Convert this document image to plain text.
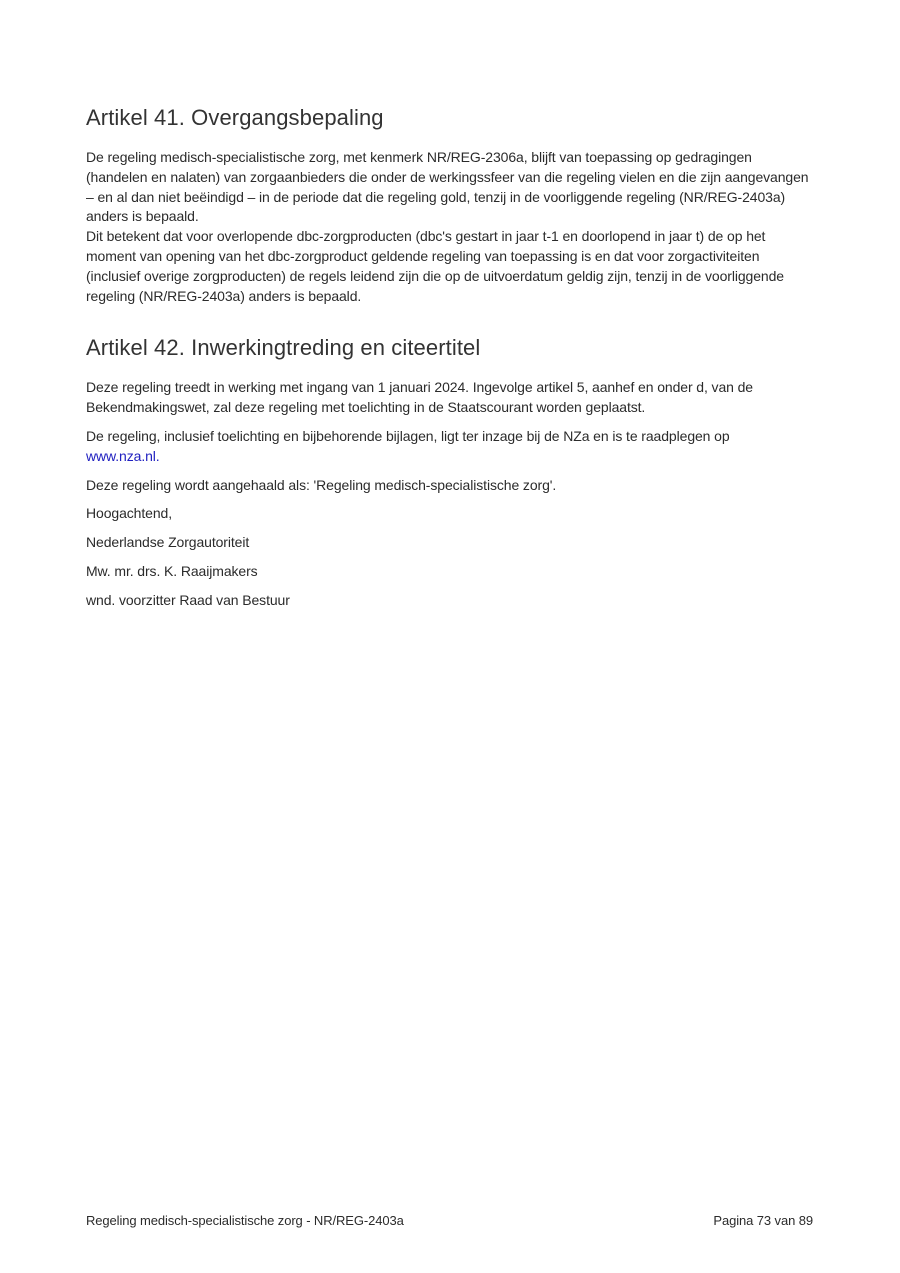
Artikel 41. Overgangsbepaling

De regeling medisch-specialistische zorg, met kenmerk NR/REG-2306a, blijft van toepassing op gedragingen (handelen en nalaten) van zorgaanbieders die onder de werkingssfeer van die regeling vielen en die zijn aangevangen – en al dan niet beëindigd – in de periode dat die regeling gold, tenzij in de voorliggende regeling (NR/REG-2403a) anders is bepaald.

Dit betekent dat voor overlopende dbc-zorgproducten (dbc's gestart in jaar t-1 en doorlopend in jaar t) de op het moment van opening van het dbc-zorgproduct geldende regeling van toepassing is en dat voor zorgactiviteiten (inclusief overige zorgproducten) de regels leidend zijn die op de uitvoerdatum geldig zijn, tenzij in de voorliggende regeling (NR/REG-2403a) anders is bepaald.

Artikel 42. Inwerkingtreding en citeertitel

Deze regeling treedt in werking met ingang van 1 januari 2024. Ingevolge artikel 5, aanhef en onder d, van de Bekendmakingswet, zal deze regeling met toelichting in de Staatscourant worden geplaatst.

De regeling, inclusief toelichting en bijbehorende bijlagen, ligt ter inzage bij de NZa en is te raadplegen op
www.nza.nl.

Deze regeling wordt aangehaald als: 'Regeling medisch-specialistische zorg'.

Hoogachtend,

Nederlandse Zorgautoriteit

Mw. mr. drs. K. Raaijmakers

wnd. voorzitter Raad van Bestuur

Regeling medisch-specialistische zorg - NR/REG-2403a	Pagina 73 van 89
